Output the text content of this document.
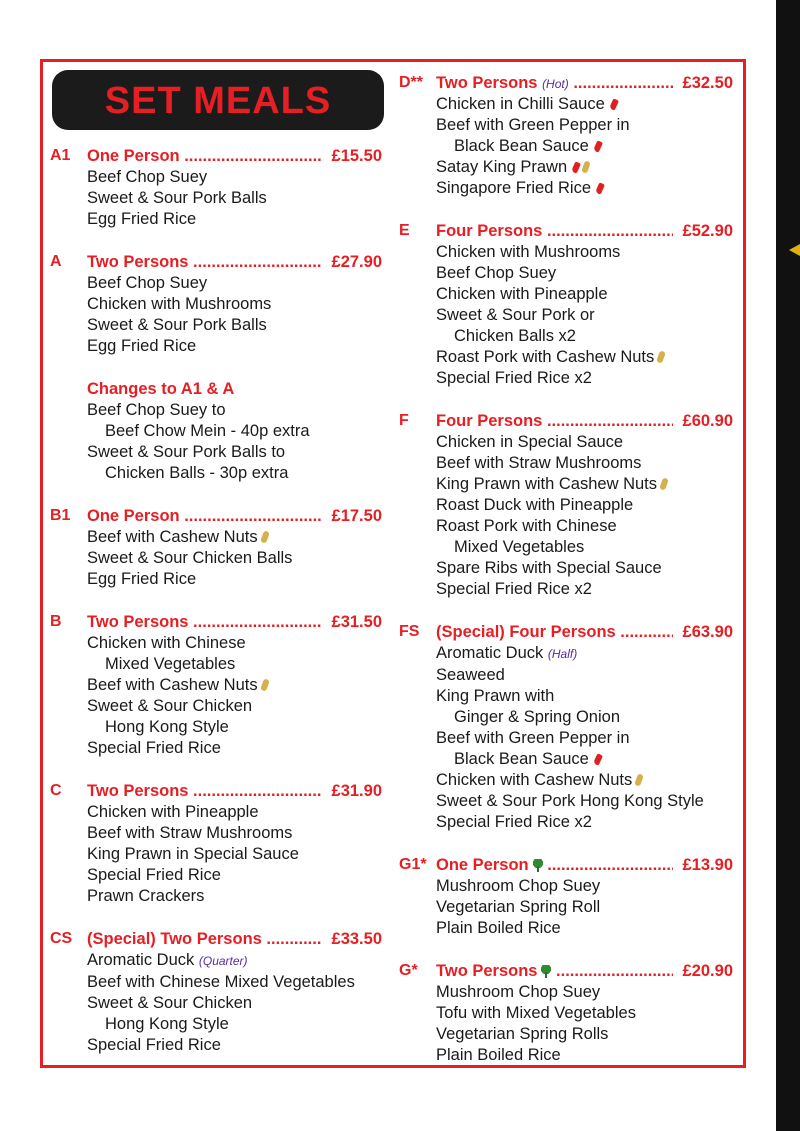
SET MEALS
A1 One Person .....	£15.50
Beef Chop Suey
Sweet & Sour Pork Balls
Egg Fried Rice
A Two Persons .....	£27.90
Beef Chop Suey
Chicken with Mushrooms
Sweet & Sour Pork Balls
Egg Fried Rice
Changes to A1 & A
Beef Chop Suey to
Beef Chow Mein - 40p extra
Sweet & Sour Pork Balls to
Chicken Balls - 30p extra
B1 One Person .....	£17.50
Beef with Cashew Nuts
Sweet & Sour Chicken Balls
Egg Fried Rice
B Two Persons .....	£31.50
Chicken with Chinese
Mixed Vegetables
Beef with Cashew Nuts
Sweet & Sour Chicken
Hong Kong Style
Special Fried Rice
C Two Persons .....	£31.90
Chicken with Pineapple
Beef with Straw Mushrooms
King Prawn in Special Sauce
Special Fried Rice
Prawn Crackers
CS (Special) Two Persons .....	£33.50
Aromatic Duck (Quarter)
Beef with Chinese Mixed Vegetables
Sweet & Sour Chicken
Hong Kong Style
Special Fried Rice
D** Two Persons (Hot) .....	£32.50
Chicken in Chilli Sauce
Beef with Green Pepper in
Black Bean Sauce
Satay King Prawn
Singapore Fried Rice
E Four Persons .....	£52.90
Chicken with Mushrooms
Beef Chop Suey
Chicken with Pineapple
Sweet & Sour Pork or
Chicken Balls x2
Roast Pork with Cashew Nuts
Special Fried Rice x2
F Four Persons .....	£60.90
Chicken in Special Sauce
Beef with Straw Mushrooms
King Prawn with Cashew Nuts
Roast Duck with Pineapple
Roast Pork with Chinese
Mixed Vegetables
Spare Ribs with Special Sauce
Special Fried Rice x2
FS (Special) Four Persons .....	£63.90
Aromatic Duck (Half)
Seaweed
King Prawn with
Ginger & Spring Onion
Beef with Green Pepper in
Black Bean Sauce
Chicken with Cashew Nuts
Sweet & Sour Pork Hong Kong Style
Special Fried Rice x2
G1* One Person .....	£13.90
Mushroom Chop Suey
Vegetarian Spring Roll
Plain Boiled Rice
G* Two Persons .....	£20.90
Mushroom Chop Suey
Tofu with Mixed Vegetables
Vegetarian Spring Rolls
Plain Boiled Rice
